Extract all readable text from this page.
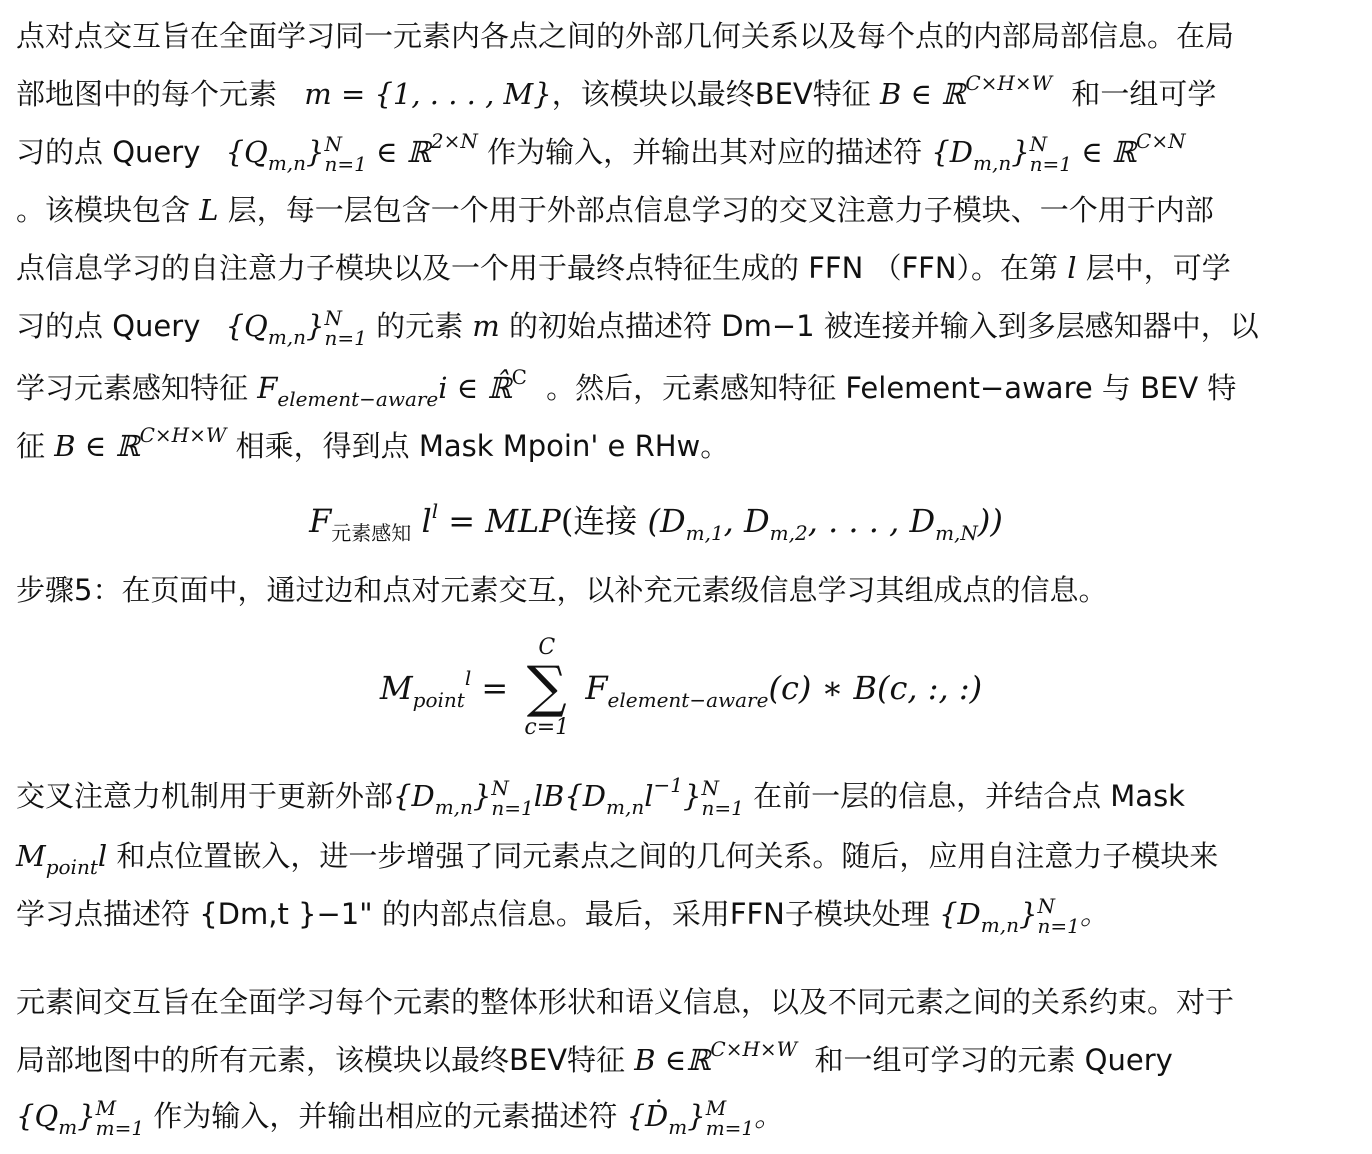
点对点交互旨在全面学习同一元素内各点之间的外部几何关系以及每个点的内部局部信息。在局
部地图中的每个元素 m = {1, . . . , M}，该模块以最终BEV特征 B ∈ ℝ$^{C\times H\times W}$ 和一组可学
习的点 Query $\{Q_{m,n}\}$ N
n=1 ∈ ℝ$^{2\times N}$ 作为输入，并输出其对应的描述符 $\{D_{m,n}\}$ N
n=1 ∈ ℝ$^{C\times N}$
。该模块包含 L 层，每一层包含一个用于外部点信息学习的交叉注意力子模块、一个用于内部
点信息学习的自注意力子模块以及一个用于最终点特征生成的 FFN （FFN）。在第 l 层中，可学
习的点 Query $\{Q_{m,n}\}$ N
n=1 的元素 m 的初始点描述符 Dm−1 被连接并输入到多层感知器中，以
学习元素感知特征 $F_{element-aware}i$ ∈ ℝ̂$^C$ 。然后，元素感知特征 Felement−aware 与 BEV 特
征 B ∈ ℝ$^{C\times H\times W}$ 相乘，得到点 Mask Mpoin' e RHw。
$F_{元素感知}$ $l^l = MLP$(连接 ($D_{m,1}$, $D_{m,2}$, . . . , $D_{m,N}$))
步骤5：在页面中，通过边和点对元素交互，以补充元素级信息学习其组成点的信息。
$M_{point}^l$ =
C
∑
c=1
$F_{element-aware}(c)$ ∗ B(c, :, :)
交叉注意力机制用于更新外部$\{D_{m,n}\}$ N
n=1 $lB\{D_{m,n}l^{-1}\}$ N
n=1 在前一层的信息，并结合点 Mask
$M_{point}l$ 和点位置嵌入，进一步增强了同元素点之间的几何关系。随后，应用自注意力子模块来
学习点描述符 {Dm,t }−1" 的内部点信息。最后，采用FFN子模块处理 $\{D_{m,n}\}$ N
n=1 。
元素间交互旨在全面学习每个元素的整体形状和语义信息，以及不同元素之间的关系约束。对于
局部地图中的所有元素，该模块以最终BEV特征 B ∈ℝ$^{C\times H\times W}$ 和一组可学习的元素 Query
$\{Q_m\}$ M
m=1 作为输入，并输出相应的元素描述符 {Ḋ$_m$} M
m=1 。
